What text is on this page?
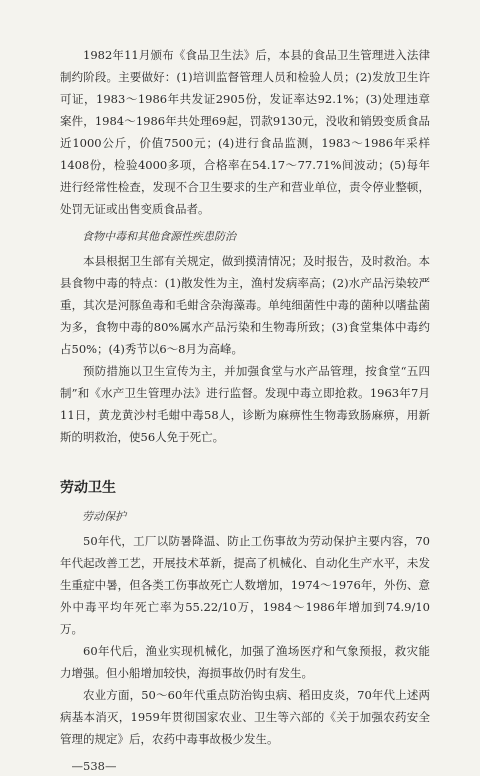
1982年11月颁布《食品卫生法》后，本县的食品卫生管理进入法律制约阶段。主要做好：(1)培训监督管理人员和检验人员；(2)发放卫生许可证，1983～1986年共发证2905份，发证率达92.1%；(3)处理违章案件，1984～1986年共处理69起，罚款9130元，没收和销毁变质食品近1000公斤，价值7500元；(4)进行食品监测，1983～1986年采样1408份，检验4000多项，合格率在54.17～77.71%间波动；(5)每年进行经常性检查，发现不合卫生要求的生产和营业单位，责令停业整顿，处罚无证或出售变质食品者。

食物中毒和其他食源性疾患防治

本县根据卫生部有关规定，做到摸清情况；及时报告，及时救治。本县食物中毒的特点：(1)散发性为主，渔村发病率高；(2)水产品污染较严重，其次是河豚鱼毒和毛蚶含杂海藻毒。单纯细菌性中毒的菌种以嗜盐菌为多，食物中毒的80%属水产品污染和生物毒所致；(3)食堂集体中毒约占50%；(4)秀节以6～8月为高峰。

预防措施以卫生宣传为主，并加强食堂与水产品管理，按食堂“五四制”和《水产卫生管理办法》进行监督。发现中毒立即抢救。1963年7月11日，黄龙黄沙村毛蚶中毒58人，诊断为麻痹性生物毒致肠麻痹，用新斯的明救治，使56人免于死亡。

劳动卫生
劳动保护

50年代，工厂以防暑降温、防止工伤事故为劳动保护主要内容，70年代起改善工艺，开展技术革新，提高了机械化、自动化生产水平，未发生重症中暑，但各类工伤事故死亡人数增加，1974～1976年，外伤、意外中毒平均年死亡率为55.22/10万，1984～1986年增加到74.9/10万。

60年代后，渔业实现机械化，加强了渔场医疗和气象预报，救灾能力增强。但小船增加较快，海损事故仍时有发生。

农业方面，50～60年代重点防治钩虫病、稻田皮炎，70年代上述两病基本消灭，1959年贯彻国家农业、卫生等六部的《关于加强农药安全管理的规定》后，农药中毒事故极少发生。

—538—
